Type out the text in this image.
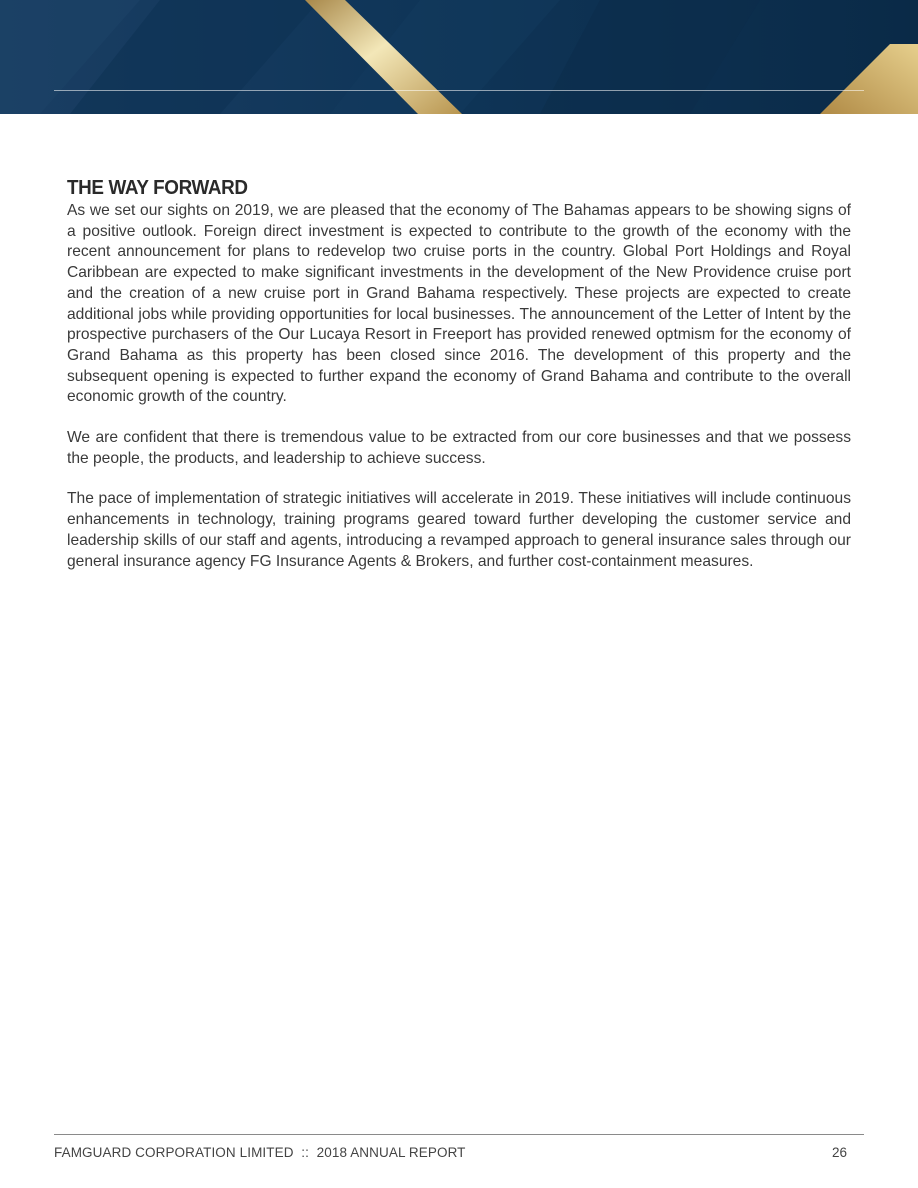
THE WAY FORWARD

As we set our sights on 2019, we are pleased that the economy of The Bahamas appears to be showing signs of a positive outlook. Foreign direct investment is expected to contribute to the growth of the economy with the recent announcement for plans to redevelop two cruise ports in the country. Global Port Holdings and Royal Caribbean are expected to make significant investments in the development of the New Providence cruise port and the creation of a new cruise port in Grand Bahama respectively. These projects are expected to create additional jobs while providing opportunities for local businesses. The announcement of the Letter of Intent by the prospective purchasers of the Our Lucaya Resort in Freeport has provided renewed optmism for the economy of Grand Bahama as this property has been closed since 2016. The development of this property and the subsequent opening is expected to further expand the economy of Grand Bahama and contribute to the overall economic growth of the country.

We are confident that there is tremendous value to be extracted from our core businesses and that we possess the people, the products, and leadership to achieve success.

The pace of implementation of strategic initiatives will accelerate in 2019. These initiatives will include continuous enhancements in technology, training programs geared toward further developing the customer service and leadership skills of our staff and agents, introducing a revamped approach to general insurance sales through our general insurance agency FG Insurance Agents & Brokers, and further cost-containment measures.

FAMGUARD CORPORATION LIMITED  ::  2018 ANNUAL REPORT	26
